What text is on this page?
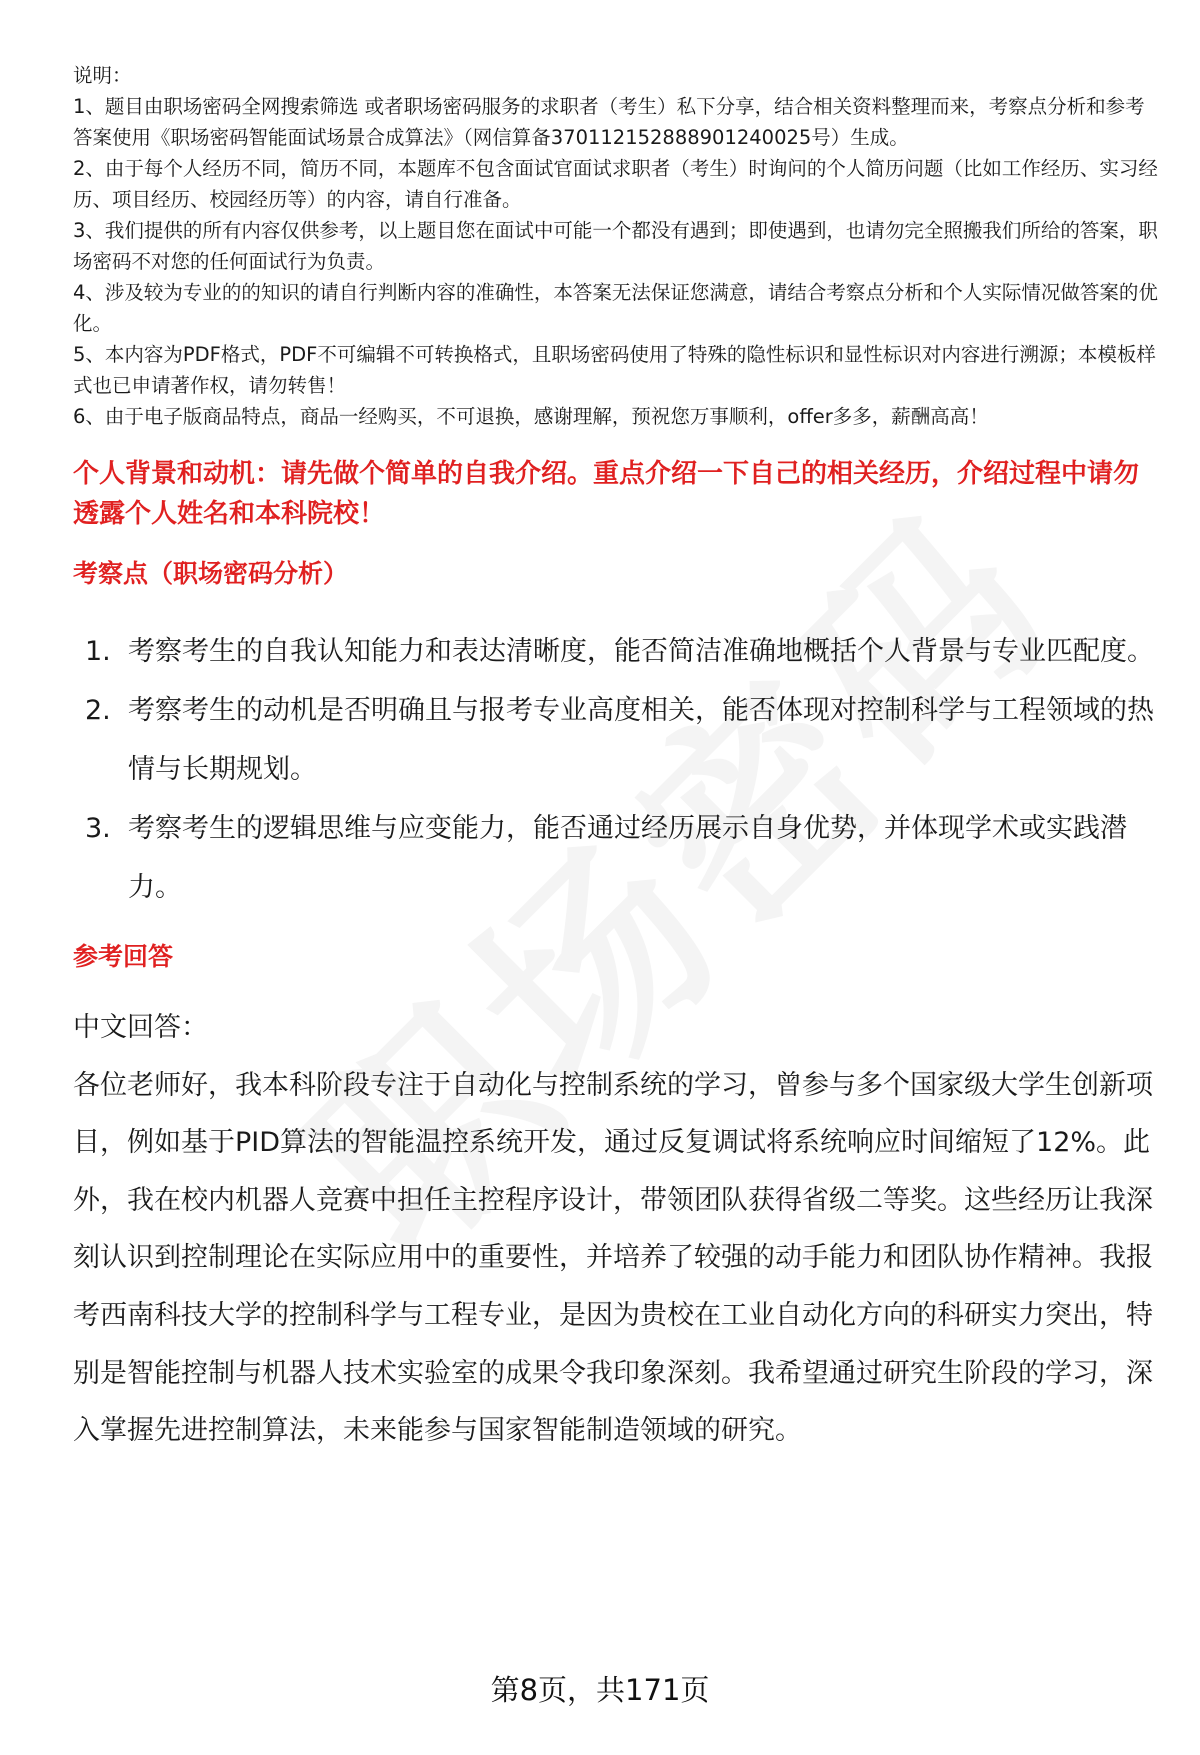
说明：

1、题目由职场密码全网搜索筛选 或者职场密码服务的求职者（考生）私下分享，结合相关资料整理而来，考察点分析和参考答案使用《职场密码智能面试场景合成算法》（网信算备370112152888901240025号）生成。

2、由于每个人经历不同，简历不同，本题库不包含面试官面试求职者（考生）时询问的个人简历问题（比如工作经历、实习经历、项目经历、校园经历等）的内容，请自行准备。

3、我们提供的所有内容仅供参考，以上题目您在面试中可能一个都没有遇到；即使遇到，也请勿完全照搬我们所给的答案，职场密码不对您的任何面试行为负责。

4、涉及较为专业的的知识的请自行判断内容的准确性，本答案无法保证您满意，请结合考察点分析和个人实际情况做答案的优化。

5、本内容为PDF格式，PDF不可编辑不可转换格式，且职场密码使用了特殊的隐性标识和显性标识对内容进行溯源；本模板样式也已申请著作权，请勿转售！

6、由于电子版商品特点，商品一经购买，不可退换，感谢理解，预祝您万事顺利，offer多多，薪酬高高！

个人背景和动机：请先做个简单的自我介绍。重点介绍一下自己的相关经历，介绍过程中请勿透露个人姓名和本科院校！
考察点（职场密码分析）
1. 考察考生的自我认知能力和表达清晰度，能否简洁准确地概括个人背景与专业匹配度。
2. 考察考生的动机是否明确且与报考专业高度相关，能否体现对控制科学与工程领域的热情与长期规划。
3. 考察考生的逻辑思维与应变能力，能否通过经历展示自身优势，并体现学术或实践潜力。
参考回答

中文回答：

各位老师好，我本科阶段专注于自动化与控制系统的学习，曾参与多个国家级大学生创新项目，例如基于PID算法的智能温控系统开发，通过反复调试将系统响应时间缩短了12%。此外，我在校内机器人竞赛中担任主控程序设计，带领团队获得省级二等奖。这些经历让我深刻认识到控制理论在实际应用中的重要性，并培养了较强的动手能力和团队协作精神。我报考西南科技大学的控制科学与工程专业，是因为贵校在工业自动化方向的科研实力突出，特别是智能控制与机器人技术实验室的成果令我印象深刻。我希望通过研究生阶段的学习，深入掌握先进控制算法，未来能参与国家智能制造领域的研究。

第8页，共171页
